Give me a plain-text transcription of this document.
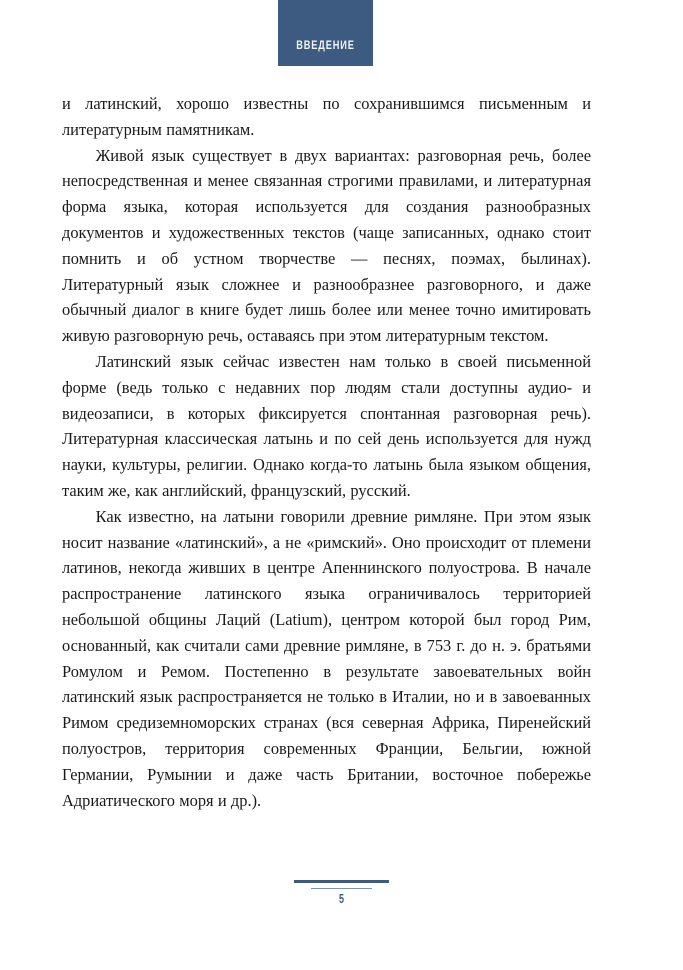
ВВЕДЕНИЕ

и латинский, хорошо известны по сохранившимся письменным и литературным памятникам.

Живой язык существует в двух вариантах: разговорная речь, более непосредственная и менее связанная строгими правилами, и литературная форма языка, которая используется для создания разнообразных документов и художественных текстов (чаще записанных, однако стоит помнить и об устном творчестве — песнях, поэмах, былинах). Литературный язык сложнее и разнообразнее разговорного, и даже обычный диалог в книге будет лишь более или менее точно имитировать живую разговорную речь, оставаясь при этом литературным текстом.

Латинский язык сейчас известен нам только в своей письменной форме (ведь только с недавних пор людям стали доступны аудио- и видеозаписи, в которых фиксируется спонтанная разговорная речь). Литературная классическая латынь и по сей день используется для нужд науки, культуры, религии. Однако когда-то латынь была языком общения, таким же, как английский, французский, русский.

Как известно, на латыни говорили древние римляне. При этом язык носит название «латинский», а не «римский». Оно происходит от племени латинов, некогда живших в центре Апеннинского полуострова. В начале распространение латинского языка ограничивалось территорией небольшой общины Лаций (Latium), центром которой был город Рим, основанный, как считали сами древние римляне, в 753 г. до н. э. братьями Ромулом и Ремом. Постепенно в результате завоевательных войн латинский язык распространяется не только в Италии, но и в завоеванных Римом средиземноморских странах (вся северная Африка, Пиренейский полуостров, территория современных Франции, Бельгии, южной Германии, Румынии и даже часть Британии, восточное побережье Адриатического моря и др.).

5
